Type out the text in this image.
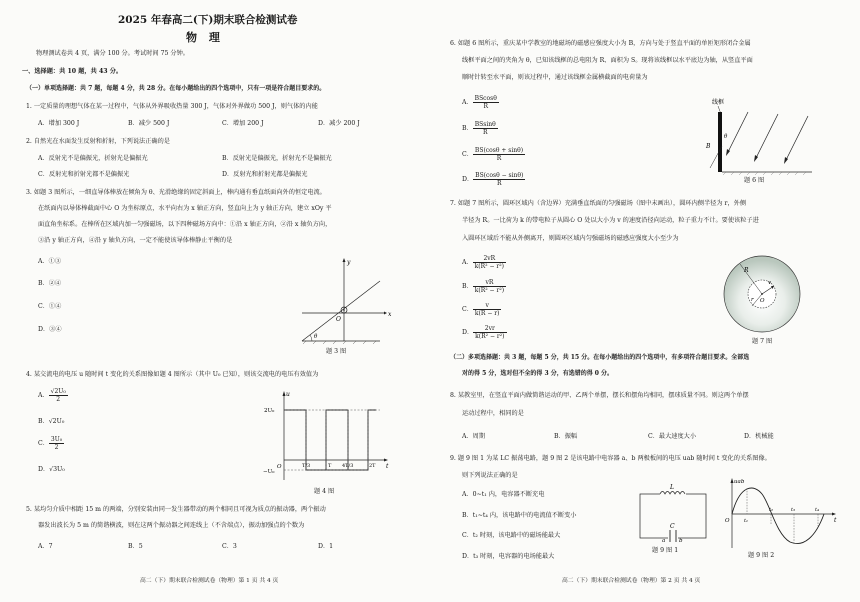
2025 年春高二(下)期末联合检测试卷
物 理
物理测试卷共 4 页，满分 100 分。考试时间 75 分钟。
一、选择题：共 10 题，共 43 分。
（一）单项选择题：共 7 题，每题 4 分，共 28 分。在每小题给出的四个选项中，只有一项是符合题目要求的。
1. 一定质量的理想气体在某一过程中，气体从外界吸收热量 300 J，气体对外界做功 500 J，则气体的内能
A．增加 300 J	B．减少 500 J	C．增加 200 J	D．减少 200 J
2. 自然光在水面发生反射和折射，下列说法正确的是
A．反射光不是偏振光，折射光是偏振光	B．反射光是偏振光，折射光不是偏振光
C．反射光和折射光都不是偏振光	D．反射光和折射光都是偏振光
3. 如题 3 图所示，一细直导体棒放在倾角为 θ、光滑绝缘的固定斜面上，棒内通有垂直纸面向外的恒定电流。
在纸面内以导体棒截面中心 O 为坐标原点，水平向右为 x 轴正方向，竖直向上为 y 轴正方向，建立 xOy 平
面直角坐标系。在棒所在区域内加一匀强磁场，以下四种磁场方向中：①沿 x 轴正方向，②沿 x 轴负方向，
③沿 y 轴正方向，④沿 y 轴负方向，一定不能使该导体棒静止平衡的是
A．①③
B．②④
C．①④
D．③④
x
y
O
θ
题 3 图
4. 某交流电的电压 u 随时间 t 变化的关系图像如题 4 图所示（其中 U₀ 已知），则该交流电的电压有效值为
A． $\frac{\text{√2U₀}}{2}$
B．√2U₀
C． $\frac{\text{3U₀}}{2}$
D．√3U₀
u
t
2U₀
O
−U₀
T/3	T 4T/3	2T
题 4 图
5. 某均匀介质中相距 15 m 的两端，分别安装由同一发生器带动的两个相同且可视为质点的振动器，两个振动
器发出波长为 5 m 的简谐横波，则在这两个振动器之间连线上（不含端点），振动加强点的个数为
A．7	B．5	C．3	D．1
高二（下）期末联合检测试卷（物理）第 1 页 共 4 页
6. 如题 6 图所示，重庆某中学教室的地磁场的磁感应强度大小为 B，方向与处于竖直平面的单匝矩形闭合金属
线框平面之间的夹角为 θ，已知该线框的总电阻为 R、面积为 S。现将该线框以水平底边为轴，从竖直平面
顺时针转至水平面，则该过程中，通过该线框金属横截面的电荷量为
A． $\frac{BScos\theta}{R}$
B． $\frac{BSsin\theta}{R}$
C． $\frac{BS(\cos\theta + \sin\theta)}{R}$
D． $\frac{BS(\cos\theta - \sin\theta)}{R}$
线框
B
θ
题 6 图
7. 如题 7 图所示，圆环区域内（含边界）充满垂直纸面的匀强磁场（图中未画出），圆环内侧半径为 r，外侧
半径为 R。一比荷为 k 的带电粒子从圆心 O 处以大小为 v 的速度沿径向运动，粒子重力不计。要使该粒子进
入圆环区域后不能从外侧离开，则圆环区域内匀强磁场的磁感应强度大小至少为
A． $\frac{2vR}{\text{k(R² − r²)}}$
B． $\frac{vR}{\text{k(R² − r²)}}$
C． $\frac{v}{k(R - r)}$
D． $\frac{2vr}{\text{k(R² − r²)}}$
R
r O
v
题 7 图
（二）多项选择题：共 3 题，每题 5 分，共 15 分。在每小题给出的四个选项中，有多项符合题目要求。全部选
对的得 5 分，选对但不全的得 3 分，有选错的得 0 分。
8. 某教室里，在竖直平面内做简谐运动的甲、乙两个单摆，摆长和摆角均相同，摆球质量不同。则这两个单摆
运动过程中，相同的是
A．周期	B．振幅	C．最大速度大小	D．机械能
9. 题 9 图 1 为某 LC 振荡电路，题 9 图 2 是该电路中电容器 a、b 两极板间的电压 uab 随时间 t 变化的关系图像。
则下列说法正确的是
A．0~t₁ 内，电容器不断充电
B．t₁~t₄ 内，该电路中的电流值不断变小
C．t₂ 时刻，该电路中的磁场能最大
D．t₃ 时刻，电容器的电场能最大
L
C
a b
题 9 图 1
uab
t
O	t₁
t₂	t₃	t₄
题 9 图 2
高二（下）期末联合检测试卷（物理）第 2 页 共 4 页
